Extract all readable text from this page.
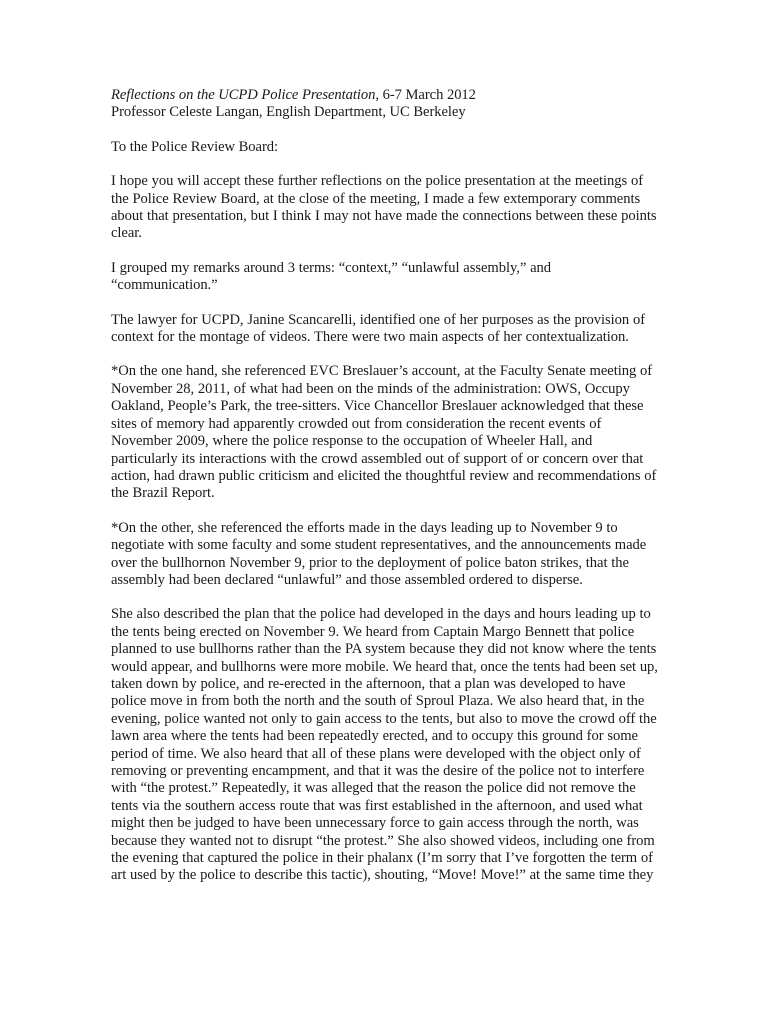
Reflections on the UCPD Police Presentation, 6-7 March 2012

Professor Celeste Langan, English Department, UC Berkeley

To the Police Review Board:

I hope you will accept these further reflections on the police presentation at the meetings of the Police Review Board, at the close of the meeting, I made a few extemporary comments about that presentation, but I think I may not have made the connections between these points clear.

I grouped my remarks around 3 terms: “context,” “unlawful assembly,” and “communication.”

The lawyer for UCPD, Janine Scancarelli, identified one of her purposes as the provision of context for the montage of videos. There were two main aspects of her contextualization.

*On the one hand, she referenced EVC Breslauer’s account, at the Faculty Senate meeting of November 28, 2011, of what had been on the minds of the administration: OWS, Occupy Oakland, People’s Park, the tree-sitters. Vice Chancellor Breslauer acknowledged that these sites of memory had apparently crowded out from consideration the recent events of November 2009, where the police response to the occupation of Wheeler Hall, and particularly its interactions with the crowd assembled out of support of or concern over that action, had drawn public criticism and elicited the thoughtful review and recommendations of the Brazil Report.

*On the other, she referenced the efforts made in the days leading up to November 9 to negotiate with some faculty and some student representatives, and the announcements made over the bullhornon November 9, prior to the deployment of police baton strikes, that the assembly had been declared “unlawful” and those assembled ordered to disperse.

She also described the plan that the police had developed in the days and hours leading up to the tents being erected on November 9. We heard from Captain Margo Bennett that police planned to use bullhorns rather than the PA system because they did not know where the tents would appear, and bullhorns were more mobile. We heard that, once the tents had been set up, taken down by police, and re-erected in the afternoon, that a plan was developed to have police move in from both the north and the south of Sproul Plaza. We also heard that, in the evening, police wanted not only to gain access to the tents, but also to move the crowd off the lawn area where the tents had been repeatedly erected, and to occupy this ground for some period of time. We also heard that all of these plans were developed with the object only of removing or preventing encampment, and that it was the desire of the police not to interfere with “the protest.” Repeatedly, it was alleged that the reason the police did not remove the tents via the southern access route that was first established in the afternoon, and used what might then be judged to have been unnecessary force to gain access through the north, was because they wanted not to disrupt “the protest.” She also showed videos, including one from the evening that captured the police in their phalanx (I’m sorry that I’ve forgotten the term of art used by the police to describe this tactic), shouting, “Move! Move!” at the same time they
